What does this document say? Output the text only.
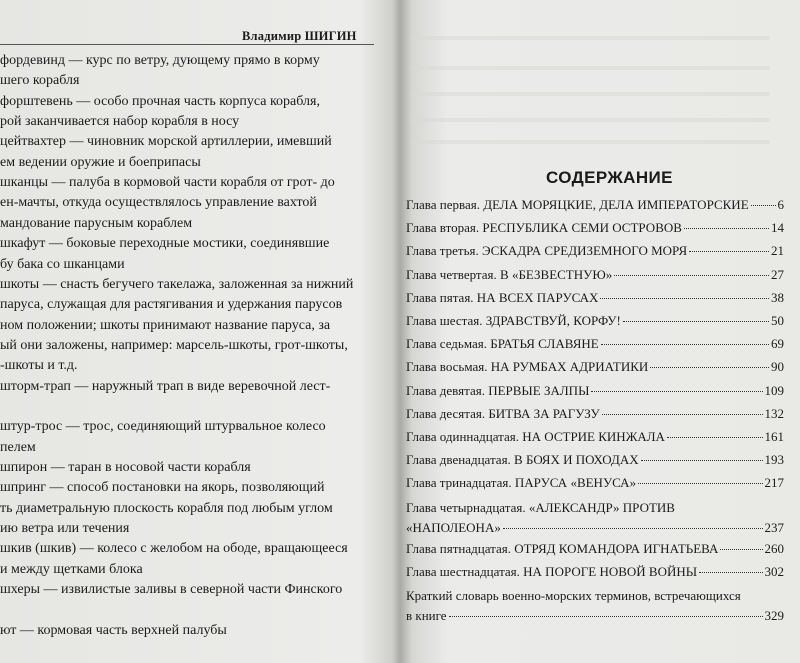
Владимир ШИГИН
фордевинд — курс по ветру, дующему прямо в корму
шего корабля
форштевень — особо прочная часть корпуса корабля,
рой заканчивается набор корабля в носу
цейтвахтер — чиновник морской артиллерии, имевший
ем ведении оружие и боеприпасы
шканцы — палуба в кормовой части корабля от грот- до
ен-мачты, откуда осуществлялось управление вахтой
мандование парусным кораблем
шкафут — боковые переходные мостики, соединявшие
бу бака со шканцами
шкоты — снасть бегучего такелажа, заложенная за нижний
паруса, служащая для растягивания и удержания парусов
ном положении; шкоты принимают название паруса, за
ый они заложены, например: марсель-шкоты, грот-шкоты,
-шкоты и т.д.
шторм-трап — наружный трап в виде веревочной лест-
штур-трос — трос, соединяющий штурвальное колесо
пелем
шпирон — таран в носовой части корабля
шпринг — способ постановки на якорь, позволяющий
ть диаметральную плоскость корабля под любым углом
ию ветра или течения
шкив (шкив) — колесо с желобом на ободе, вращающееся
и между щетками блока
шхеры — извилистые заливы в северной части Финского
ют — кормовая часть верхней палубы
СОДЕРЖАНИЕ
Глава первая. ДЕЛА МОРЯЦКИЕ, ДЕЛА ИМПЕРАТОРСКИЕ 6
Глава вторая. РЕСПУБЛИКА СЕМИ ОСТРОВОВ	14
Глава третья. ЭСКАДРА СРЕДИЗЕМНОГО МОРЯ	21
Глава четвертая. В «БЕЗВЕСТНУЮ»	27
Глава пятая. НА ВСЕХ ПАРУСАХ	38
Глава шестая. ЗДРАВСТВУЙ, КОРФУ!	50
Глава седьмая. БРАТЬЯ СЛАВЯНЕ	69
Глава восьмая. НА РУМБАХ АДРИАТИКИ	90
Глава девятая. ПЕРВЫЕ ЗАЛПЫ	109
Глава десятая. БИТВА ЗА РАГУЗУ	132
Глава одиннадцатая. НА ОСТРИЕ КИНЖАЛА	161
Глава двенадцатая. В БОЯХ И ПОХОДАХ	193
Глава тринадцатая. ПАРУСА «ВЕНУСА»	217
Глава четырнадцатая. «АЛЕКСАНДР» ПРОТИВ
«НАПОЛЕОНА»	237
Глава пятнадцатая. ОТРЯД КОМАНДОРА ИГНАТЬЕВА	260
Глава шестнадцатая. НА ПОРОГЕ НОВОЙ ВОЙНЫ	302
Краткий словарь военно-морских терминов, встречающихся
в книге	329
